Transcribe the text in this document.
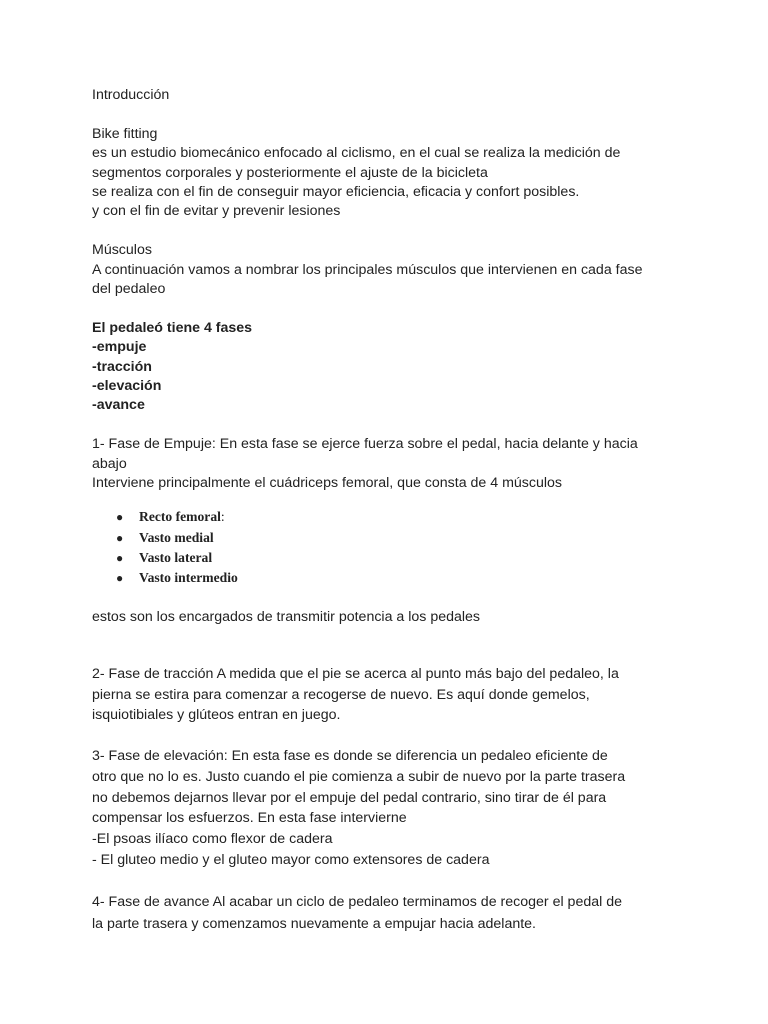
Introducción
Bike fitting
es un estudio biomecánico enfocado al ciclismo, en el cual se realiza la medición de
segmentos corporales y posteriormente el ajuste de la bicicleta
se realiza con el fin de conseguir mayor eficiencia, eficacia y confort posibles.
y con el fin de evitar y prevenir lesiones
Músculos
A continuación vamos a nombrar los principales músculos que intervienen en cada fase
del pedaleo
El pedaleó tiene 4 fases
-empuje
-tracción
-elevación
-avance
1- Fase de Empuje: En esta fase se ejerce fuerza sobre el pedal, hacia delante y hacia
abajo
Interviene principalmente el cuádriceps femoral, que consta de 4 músculos
● Recto femoral:
● Vasto medial
● Vasto lateral
● Vasto intermedio
estos son los encargados de transmitir potencia a los pedales
2- Fase de tracción A medida que el pie se acerca al punto más bajo del pedaleo, la
pierna se estira para comenzar a recogerse de nuevo. Es aquí donde gemelos,
isquiotibiales y glúteos entran en juego.
3- Fase de elevación: En esta fase es donde se diferencia un pedaleo eficiente de
otro que no lo es. Justo cuando el pie comienza a subir de nuevo por la parte trasera
no debemos dejarnos llevar por el empuje del pedal contrario, sino tirar de él para
compensar los esfuerzos. En esta fase intervierne
-El psoas ilíaco como flexor de cadera
- El gluteo medio y el gluteo mayor como extensores de cadera
4- Fase de avance Al acabar un ciclo de pedaleo terminamos de recoger el pedal de
la parte trasera y comenzamos nuevamente a empujar hacia adelante.
